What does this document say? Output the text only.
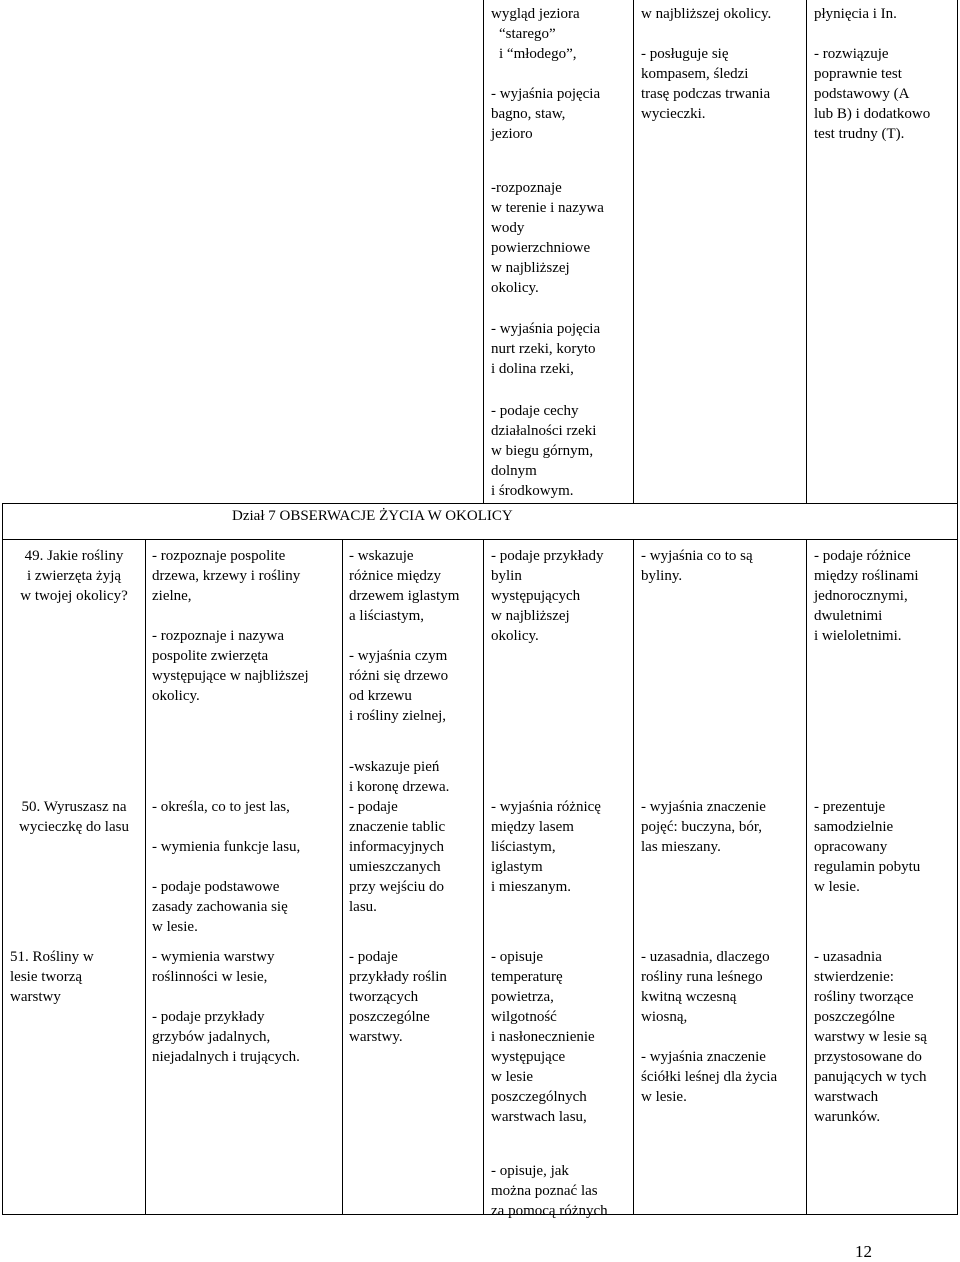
wygląd jeziora
“starego”
i “młodego”,

- wyjaśnia pojęcia
bagno, staw,
jezioro

-rozpoznaje
w terenie i nazywa
wody
powierzchniowe
w najbliższej
okolicy.

- wyjaśnia pojęcia
nurt rzeki, koryto
i dolina rzeki,

- podaje cechy
działalności rzeki
w biegu górnym,
dolnym
i środkowym.

w najbliższej okolicy.

- posługuje się
kompasem, śledzi
trasę podczas trwania
wycieczki.

płynięcia i In.

- rozwiązuje
poprawnie test
podstawowy (A
lub B) i dodatkowo
test trudny (T).

Dział 7 OBSERWACJE ŻYCIA W OKOLICY

49. Jakie rośliny
i zwierzęta żyją
w twojej okolicy?

- rozpoznaje pospolite
drzewa, krzewy i rośliny
zielne,

- rozpoznaje i nazywa
pospolite zwierzęta
występujące w najbliższej
okolicy.

- wskazuje
różnice między
drzewem iglastym
a liściastym,

- wyjaśnia czym
różni się drzewo
od krzewu
i rośliny zielnej,

- podaje przykłady
bylin
występujących
w najbliższej
okolicy.

- wyjaśnia co to są
byliny.

- podaje różnice
między roślinami
jednorocznymi,
dwuletnimi
i wieloletnimi.

50. Wyruszasz na
wycieczkę do lasu

- określa, co to jest las,

- wymienia funkcje lasu,

- podaje podstawowe
zasady zachowania się
w lesie.

-wskazuje pień
i koronę drzewa.

- podaje
znaczenie tablic
informacyjnych
umieszczanych
przy wejściu do
lasu.

- wyjaśnia różnicę
między lasem
liściastym,
iglastym
i mieszanym.

- wyjaśnia znaczenie
pojęć: buczyna, bór,
las mieszany.

- prezentuje
samodzielnie
opracowany
regulamin pobytu
w lesie.

51. Rośliny w
lesie tworzą
warstwy

- wymienia warstwy
roślinności w lesie,

- podaje przykłady
grzybów jadalnych,
niejadalnych i trujących.

- podaje
przykłady roślin
tworzących
poszczególne
warstwy.

- opisuje
temperaturę
powietrza,
wilgotność
i nasłonecznienie
występujące
w lesie
poszczególnych
warstwach lasu,

- opisuje, jak
można poznać las
za pomocą różnych

- uzasadnia, dlaczego
rośliny runa leśnego
kwitną wczesną
wiosną,

- wyjaśnia znaczenie
ściółki leśnej dla życia
w lesie.

- uzasadnia
stwierdzenie:
rośliny tworzące
poszczególne
warstwy w lesie są
przystosowane do
panujących w tych
warstwach
warunków.

12
